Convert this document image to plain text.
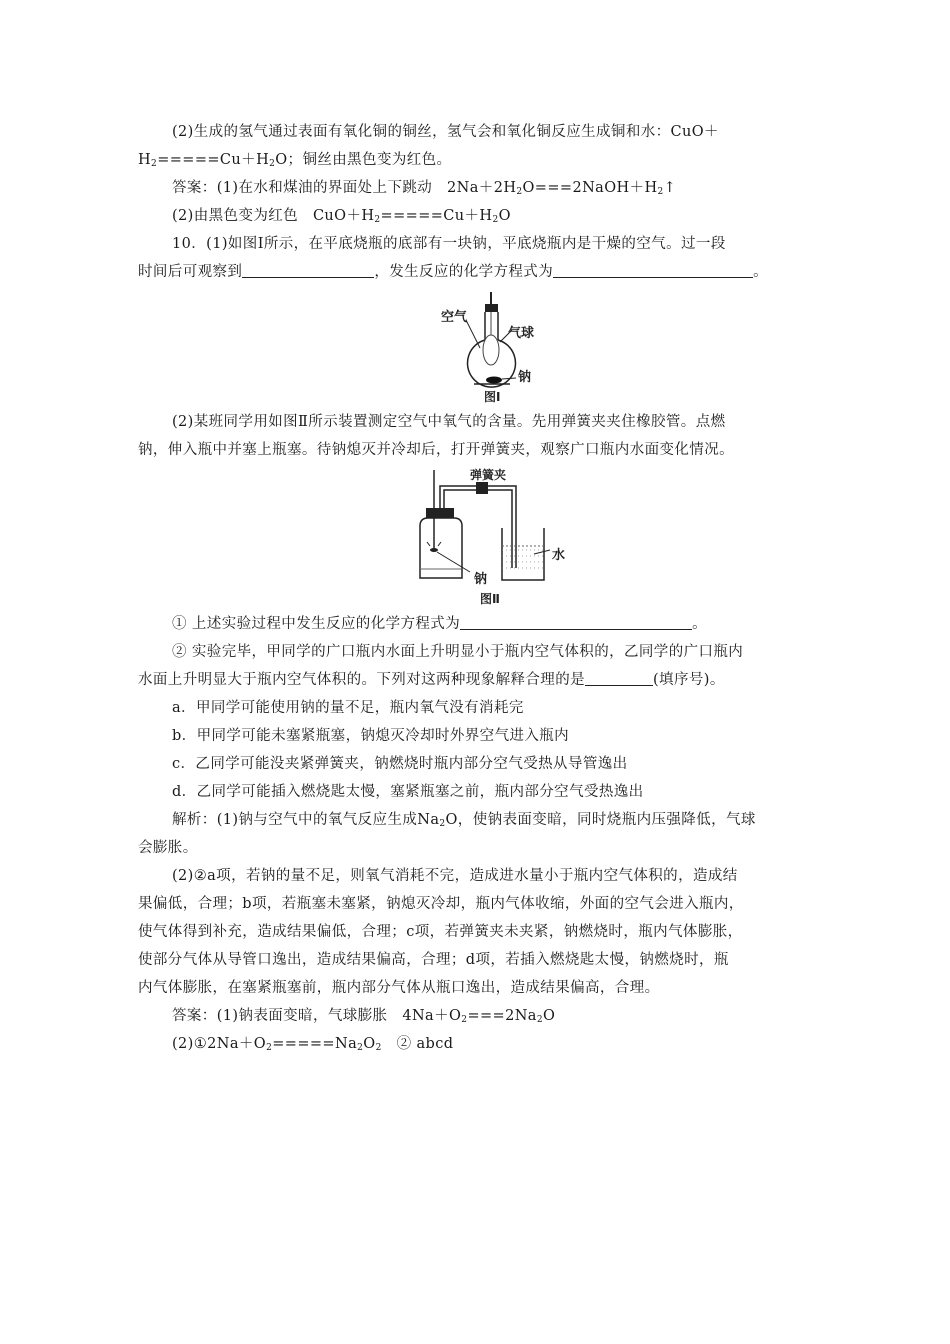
(2)生成的氢气通过表面有氧化铜的铜丝，氢气会和氧化铜反应生成铜和水：CuO＋
$H_2=====Cu+H_2O$；铜丝由黑色变为红色。
答案：(1)在水和煤油的界面处上下跳动　$2Na+2H_2O===2NaOH+H_2↑$
(2)由黑色变为红色　$CuO+H_2=====Cu+H_2O$
10．(1)如图Ⅰ所示，在平底烧瓶的底部有一块钠，平底烧瓶内是干燥的空气。过一段
时间后可观察到	，发生反应的化学方程式为	。
空气
气球
钠
图Ⅰ
(2)某班同学用如图Ⅱ所示装置测定空气中氧气的含量。先用弹簧夹夹住橡胶管。点燃
钠，伸入瓶中并塞上瓶塞。待钠熄灭并冷却后，打开弹簧夹，观察广口瓶内水面变化情况。
弹簧夹
钠
水
图Ⅱ
① 上述实验过程中发生反应的化学方程式为	。
② 实验完毕，甲同学的广口瓶内水面上升明显小于瓶内空气体积的，乙同学的广口瓶内
水面上升明显大于瓶内空气体积的。下列对这两种现象解释合理的是	(填序号)。
a．甲同学可能使用钠的量不足，瓶内氧气没有消耗完
b．甲同学可能未塞紧瓶塞，钠熄灭冷却时外界空气进入瓶内
c．乙同学可能没夹紧弹簧夹，钠燃烧时瓶内部分空气受热从导管逸出
d．乙同学可能插入燃烧匙太慢，塞紧瓶塞之前，瓶内部分空气受热逸出
解析：(1)钠与空气中的氧气反应生成$Na_2O$，使钠表面变暗，同时烧瓶内压强降低，气球
会膨胀。
(2)②a项，若钠的量不足，则氧气消耗不完，造成进水量小于瓶内空气体积的，造成结
果偏低，合理；b项，若瓶塞未塞紧，钠熄灭冷却，瓶内气体收缩，外面的空气会进入瓶内，
使气体得到补充，造成结果偏低，合理；c项，若弹簧夹未夹紧，钠燃烧时，瓶内气体膨胀，
使部分气体从导管口逸出，造成结果偏高，合理；d项，若插入燃烧匙太慢，钠燃烧时，瓶
内气体膨胀，在塞紧瓶塞前，瓶内部分气体从瓶口逸出，造成结果偏高，合理。
答案：(1)钠表面变暗，气球膨胀　$4Na+O_2===2Na_2O$
$(2)①2Na+O_2=====Na_2O_2$　② abcd
